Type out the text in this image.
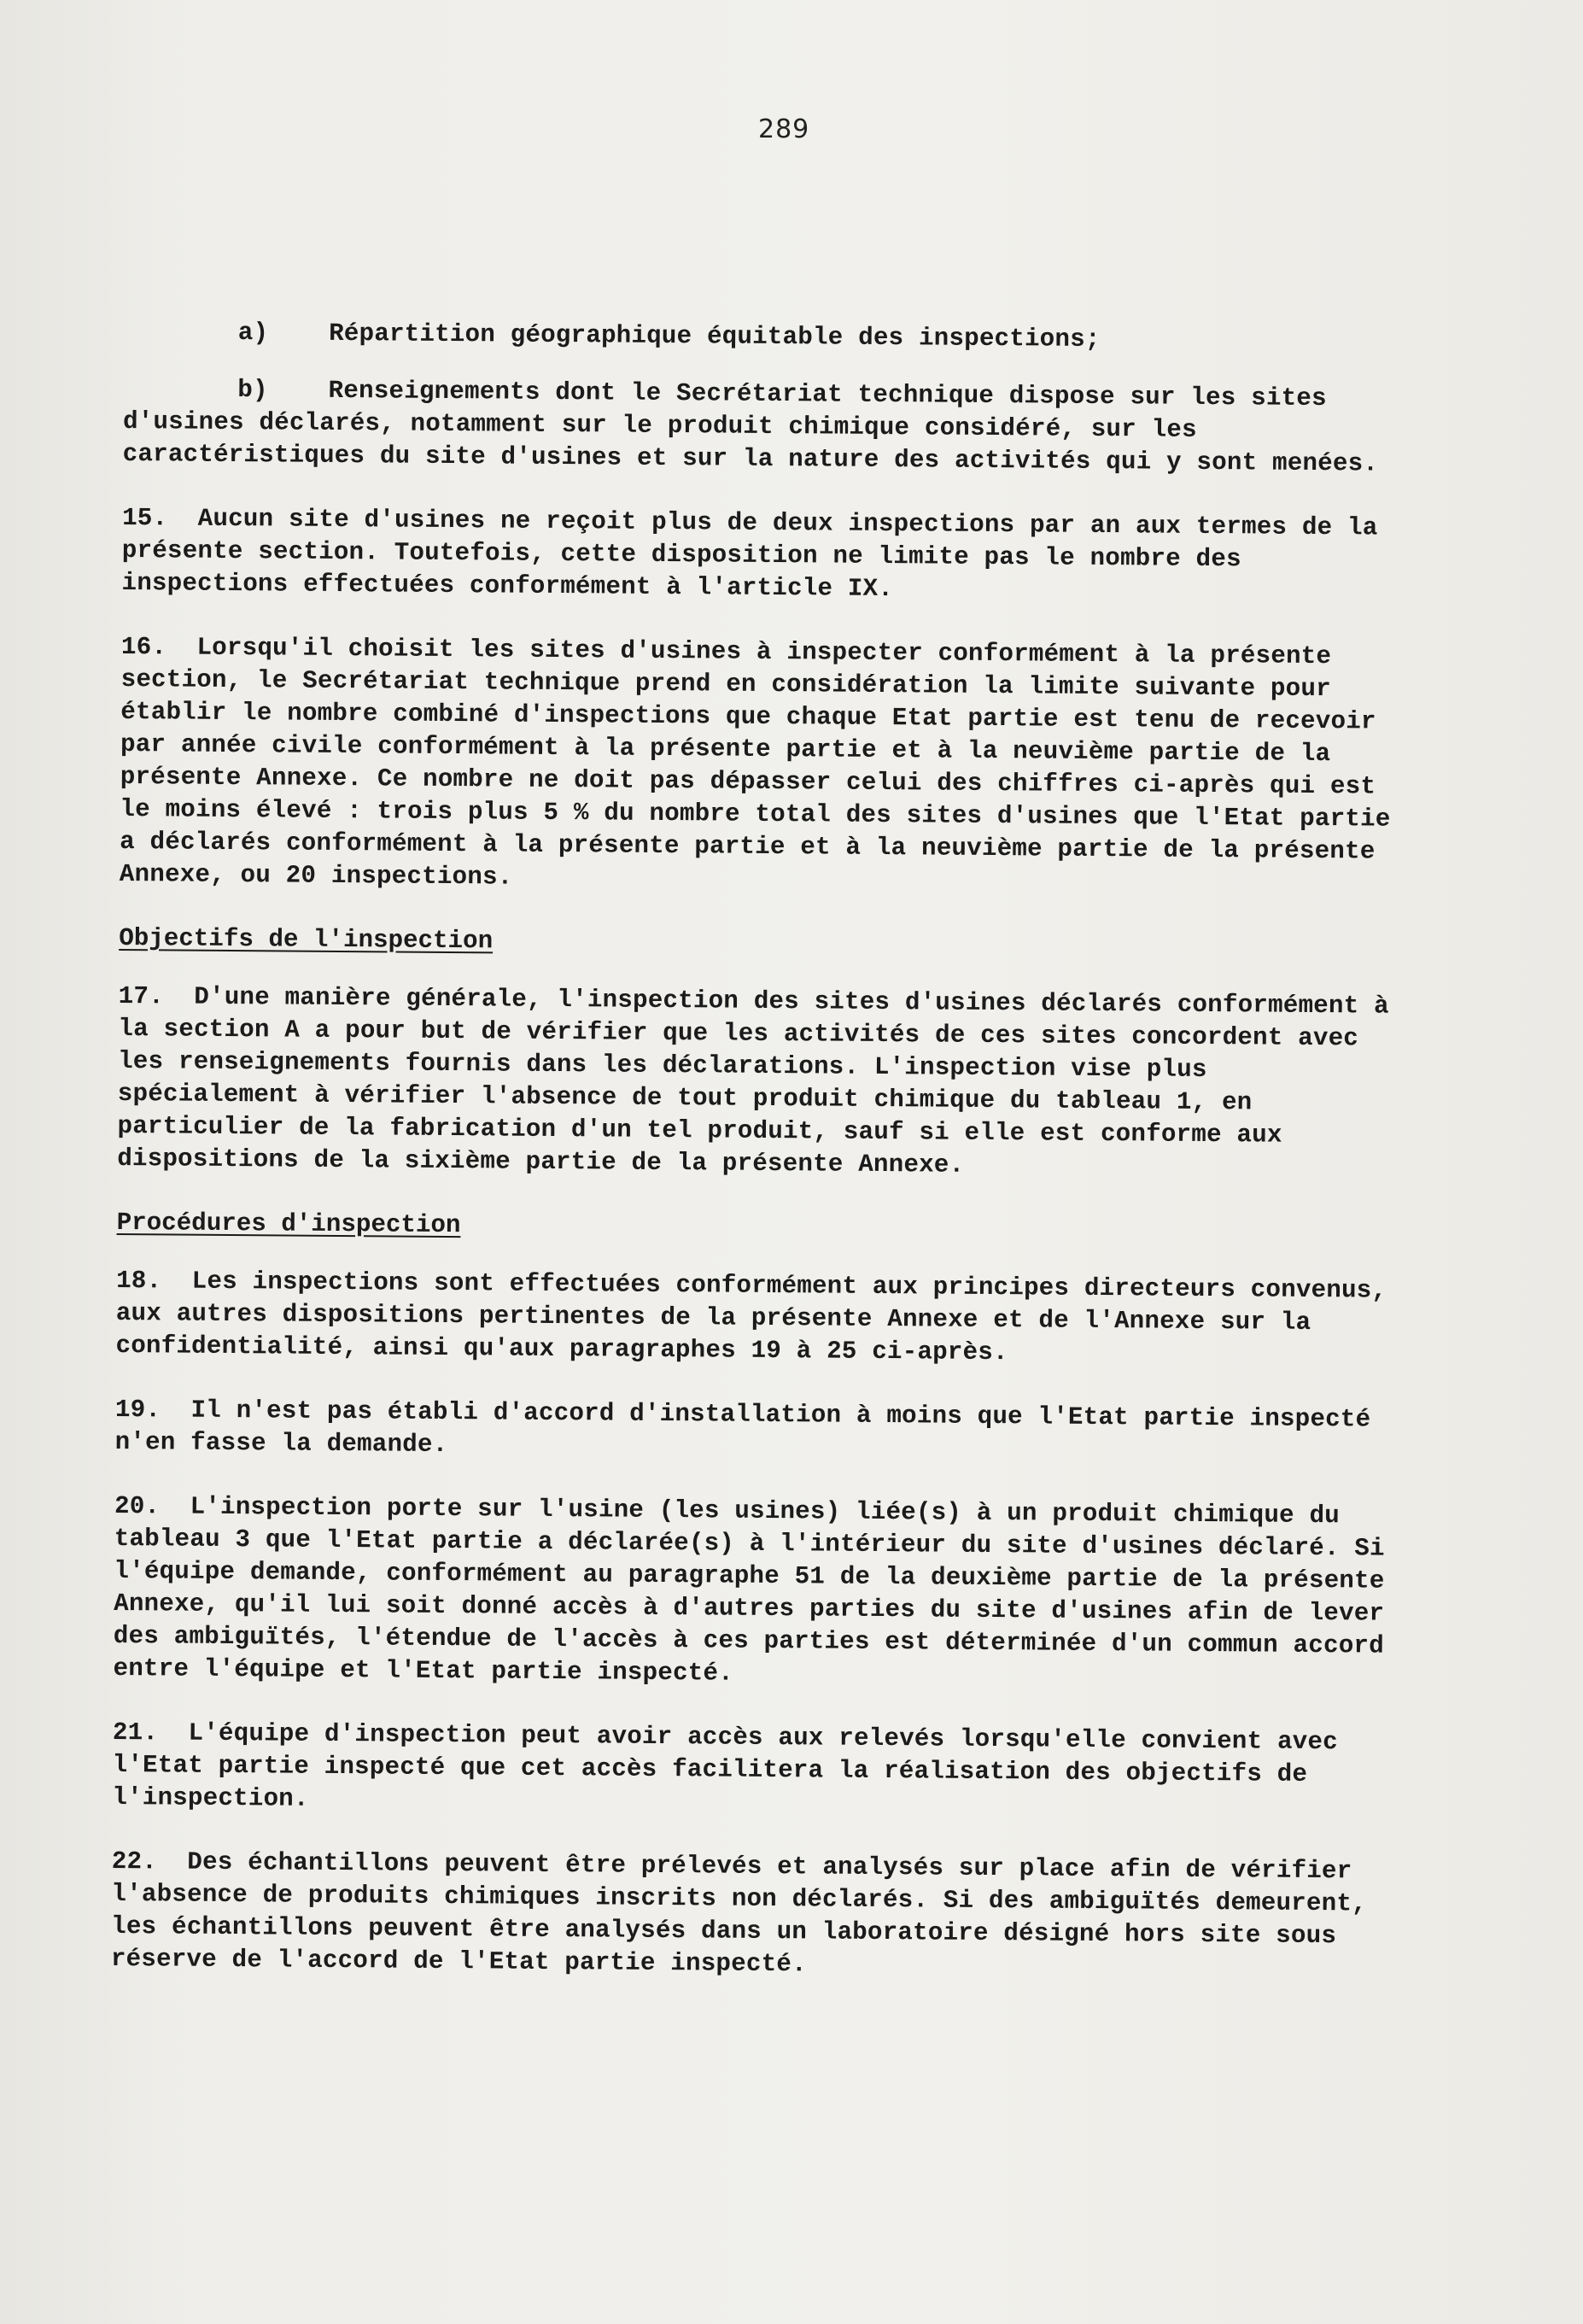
289

a)    Répartition géographique équitable des inspections;

b)    Renseignements dont le Secrétariat technique dispose sur les sites d'usines déclarés, notamment sur le produit chimique considéré, sur les caractéristiques du site d'usines et sur la nature des activités qui y sont menées.

15.  Aucun site d'usines ne reçoit plus de deux inspections par an aux termes de la présente section. Toutefois, cette disposition ne limite pas le nombre des inspections effectuées conformément à l'article IX.

16.  Lorsqu'il choisit les sites d'usines à inspecter conformément à la présente section, le Secrétariat technique prend en considération la limite suivante pour établir le nombre combiné d'inspections que chaque Etat partie est tenu de recevoir par année civile conformément à la présente partie et à la neuvième partie de la présente Annexe. Ce nombre ne doit pas dépasser celui des chiffres ci-après qui est le moins élevé : trois plus 5 % du nombre total des sites d'usines que l'Etat partie a déclarés conformément à la présente partie et à la neuvième partie de la présente Annexe, ou 20 inspections.

Objectifs de l'inspection

17.  D'une manière générale, l'inspection des sites d'usines déclarés conformément à la section A a pour but de vérifier que les activités de ces sites concordent avec les renseignements fournis dans les déclarations. L'inspection vise plus spécialement à vérifier l'absence de tout produit chimique du tableau 1, en particulier de la fabrication d'un tel produit, sauf si elle est conforme aux dispositions de la sixième partie de la présente Annexe.

Procédures d'inspection

18.  Les inspections sont effectuées conformément aux principes directeurs convenus, aux autres dispositions pertinentes de la présente Annexe et de l'Annexe sur la confidentialité, ainsi qu'aux paragraphes 19 à 25 ci-après.

19.  Il n'est pas établi d'accord d'installation à moins que l'Etat partie inspecté n'en fasse la demande.

20.  L'inspection porte sur l'usine (les usines) liée(s) à un produit chimique du tableau 3 que l'Etat partie a déclarée(s) à l'intérieur du site d'usines déclaré. Si l'équipe demande, conformément au paragraphe 51 de la deuxième partie de la présente Annexe, qu'il lui soit donné accès à d'autres parties du site d'usines afin de lever des ambiguïtés, l'étendue de l'accès à ces parties est déterminée d'un commun accord entre l'équipe et l'Etat partie inspecté.

21.  L'équipe d'inspection peut avoir accès aux relevés lorsqu'elle convient avec l'Etat partie inspecté que cet accès facilitera la réalisation des objectifs de l'inspection.

22.  Des échantillons peuvent être prélevés et analysés sur place afin de vérifier l'absence de produits chimiques inscrits non déclarés. Si des ambiguïtés demeurent, les échantillons peuvent être analysés dans un laboratoire désigné hors site sous réserve de l'accord de l'Etat partie inspecté.
